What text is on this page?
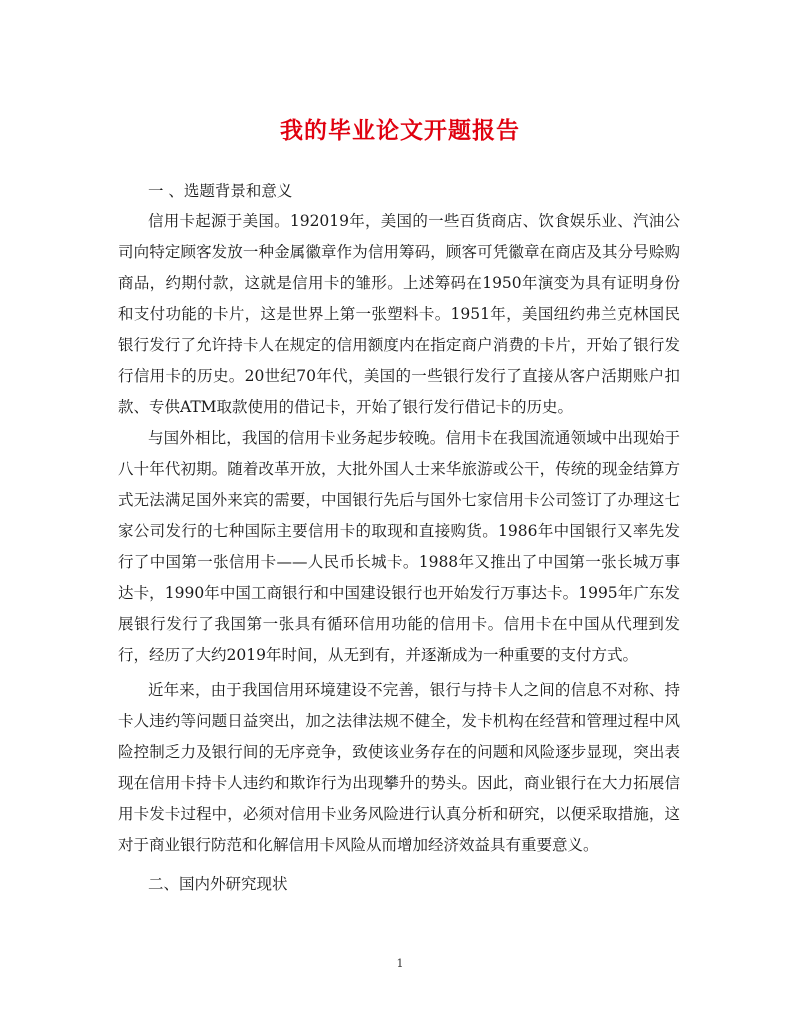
我的毕业论文开题报告

一 、选题背景和意义

信用卡起源于美国。192019年，美国的一些百货商店、饮食娱乐业、汽油公司向特定顾客发放一种金属徽章作为信用筹码，顾客可凭徽章在商店及其分号赊购商品，约期付款，这就是信用卡的雏形。上述筹码在1950年演变为具有证明身份和支付功能的卡片，这是世界上第一张塑料卡。1951年，美国纽约弗兰克林国民银行发行了允许持卡人在规定的信用额度内在指定商户消费的卡片，开始了银行发行信用卡的历史。20世纪70年代，美国的一些银行发行了直接从客户活期账户扣款、专供ATM取款使用的借记卡，开始了银行发行借记卡的历史。

与国外相比，我国的信用卡业务起步较晚。信用卡在我国流通领域中出现始于八十年代初期。随着改革开放，大批外国人士来华旅游或公干，传统的现金结算方式无法满足国外来宾的需要，中国银行先后与国外七家信用卡公司签订了办理这七家公司发行的七种国际主要信用卡的取现和直接购货。1986年中国银行又率先发行了中国第一张信用卡——人民币长城卡。1988年又推出了中国第一张长城万事达卡，1990年中国工商银行和中国建设银行也开始发行万事达卡。1995年广东发展银行发行了我国第一张具有循环信用功能的信用卡。信用卡在中国从代理到发行，经历了大约2019年时间，从无到有，并逐渐成为一种重要的支付方式。

近年来，由于我国信用环境建设不完善，银行与持卡人之间的信息不对称、持卡人违约等问题日益突出，加之法律法规不健全，发卡机构在经营和管理过程中风险控制乏力及银行间的无序竞争，致使该业务存在的问题和风险逐步显现，突出表现在信用卡持卡人违约和欺诈行为出现攀升的势头。因此，商业银行在大力拓展信用卡发卡过程中，必须对信用卡业务风险进行认真分析和研究，以便采取措施，这对于商业银行防范和化解信用卡风险从而增加经济效益具有重要意义。

二、国内外研究现状

1
